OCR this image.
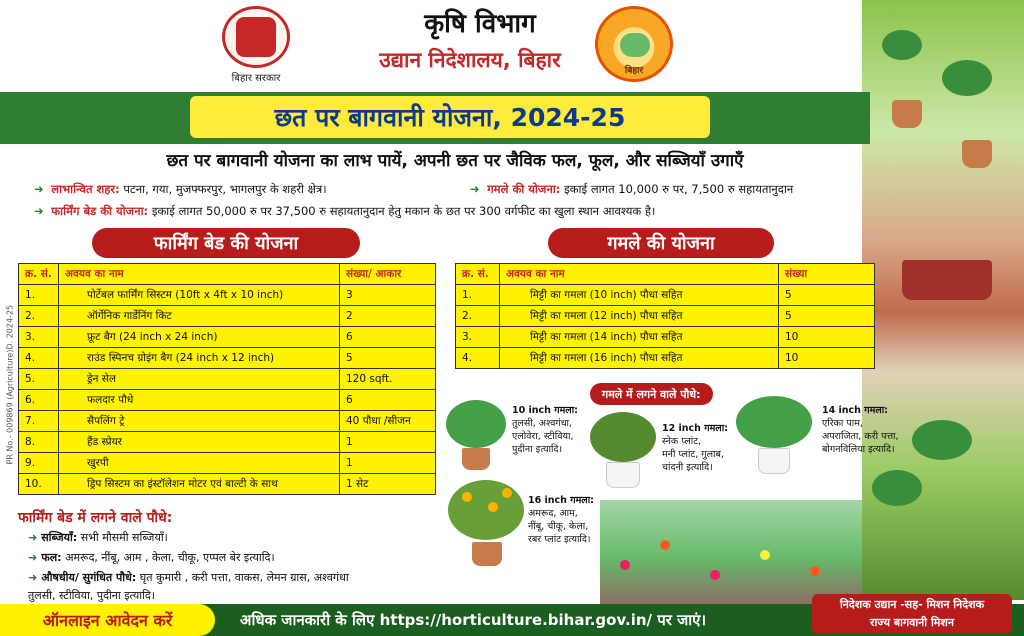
बिहार सरकार
कृषि विभाग
उद्यान निदेशालय, बिहार	बिहार
छत पर बागवानी योजना, 2024-25
छत पर बागवानी योजना का लाभ पायें, अपनी छत पर जैविक फल, फूल, और सब्जियाँ उगाएँ
➜ लाभान्वित शहर: पटना, गया, मुजफ्फरपुर, भागलपुर के शहरी क्षेत्र।	➜ गमले की योजना: इकाई लागत 10,000 रु पर, 7,500 रु सहायतानुदान
➜ फार्मिंग बेड की योजना: इकाई लागत 50,000 रु पर 37,500 रु सहायतानुदान हेतु मकान के छत पर 300 वर्गफीट का खुला स्थान आवश्यक है।
फार्मिंग बेड की योजना	गमले की योजना
क्र. सं.	अवयव का नाम	संख्या/ आकार
1.	पोर्टेबल फार्मिंग सिस्टम (10ft x 4ft x 10 inch)	3
2.	ऑर्गेनिक गार्डेनिंग किट	2
3.	फ्रूट बैग (24 inch x 24 inch)	6
4.	राउंड स्पिनच ग्रोइंग बैग (24 inch x 12 inch)	5
5.	ड्रेन सेल	120 sqft.
6.	फलदार पौधे	6
7.	सैपलिंग ट्रे	40 पौधा /सीजन
8.	हैंड स्प्रेयर	1
9.	खुरपी	1
10.	ड्रिप सिस्टम का इंस्टॉलेशन मोटर एवं बाल्टी के साथ	1 सेट
क्र. सं.	अवयव का नाम	संख्या
1.	मिट्टी का गमला (10 inch) पौधा सहित	5
2.	मिट्टी का गमला (12 inch) पौधा सहित	5
3.	मिट्टी का गमला (14 inch) पौधा सहित	10
4.	मिट्टी का गमला (16 inch) पौधा सहित	10
फार्मिंग बेड में लगने वाले पौधे:
➜ सब्जियाँ: सभी मौसमी सब्जियाँ।
➜ फल: अमरूद, नींबू, आम , केला, चीकू, एप्पल बेर इत्यादि।
➜ औषधीय/ सुगंधित पौधे: घृत कुमारी , करी पत्ता, वाकस, लेमन ग्रास, अश्वगंधा
तुलसी, स्टीविया, पुदीना इत्यादि।
गमले में लगने वाले पौधे:
10 inch गमला:
तुलसी, अश्वगंधा,
एलोवेरा, स्टीविया,
पुदीना इत्यादि।
12 inch गमला:
स्नेक प्लांट,
मनी प्लांट, गुलाब,
चांदनी इत्यादि।
14 inch गमला:
एरिका पाम,
अपराजिता, करी पत्ता,
बोगनविलिया इत्यादि।
16 inch गमला:
अमरूद, आम,
नींबू, चीकू, केला,
रबर प्लांट इत्यादि।
PR No.- 009869 (Agriculture)D. 2024-25
ऑनलाइन आवेदन करें	अधिक जानकारी के लिए https://horticulture.bihar.gov.in/ पर जाएं।
निदेशक उद्यान -सह- मिशन निदेशक
राज्य बागवानी मिशन
